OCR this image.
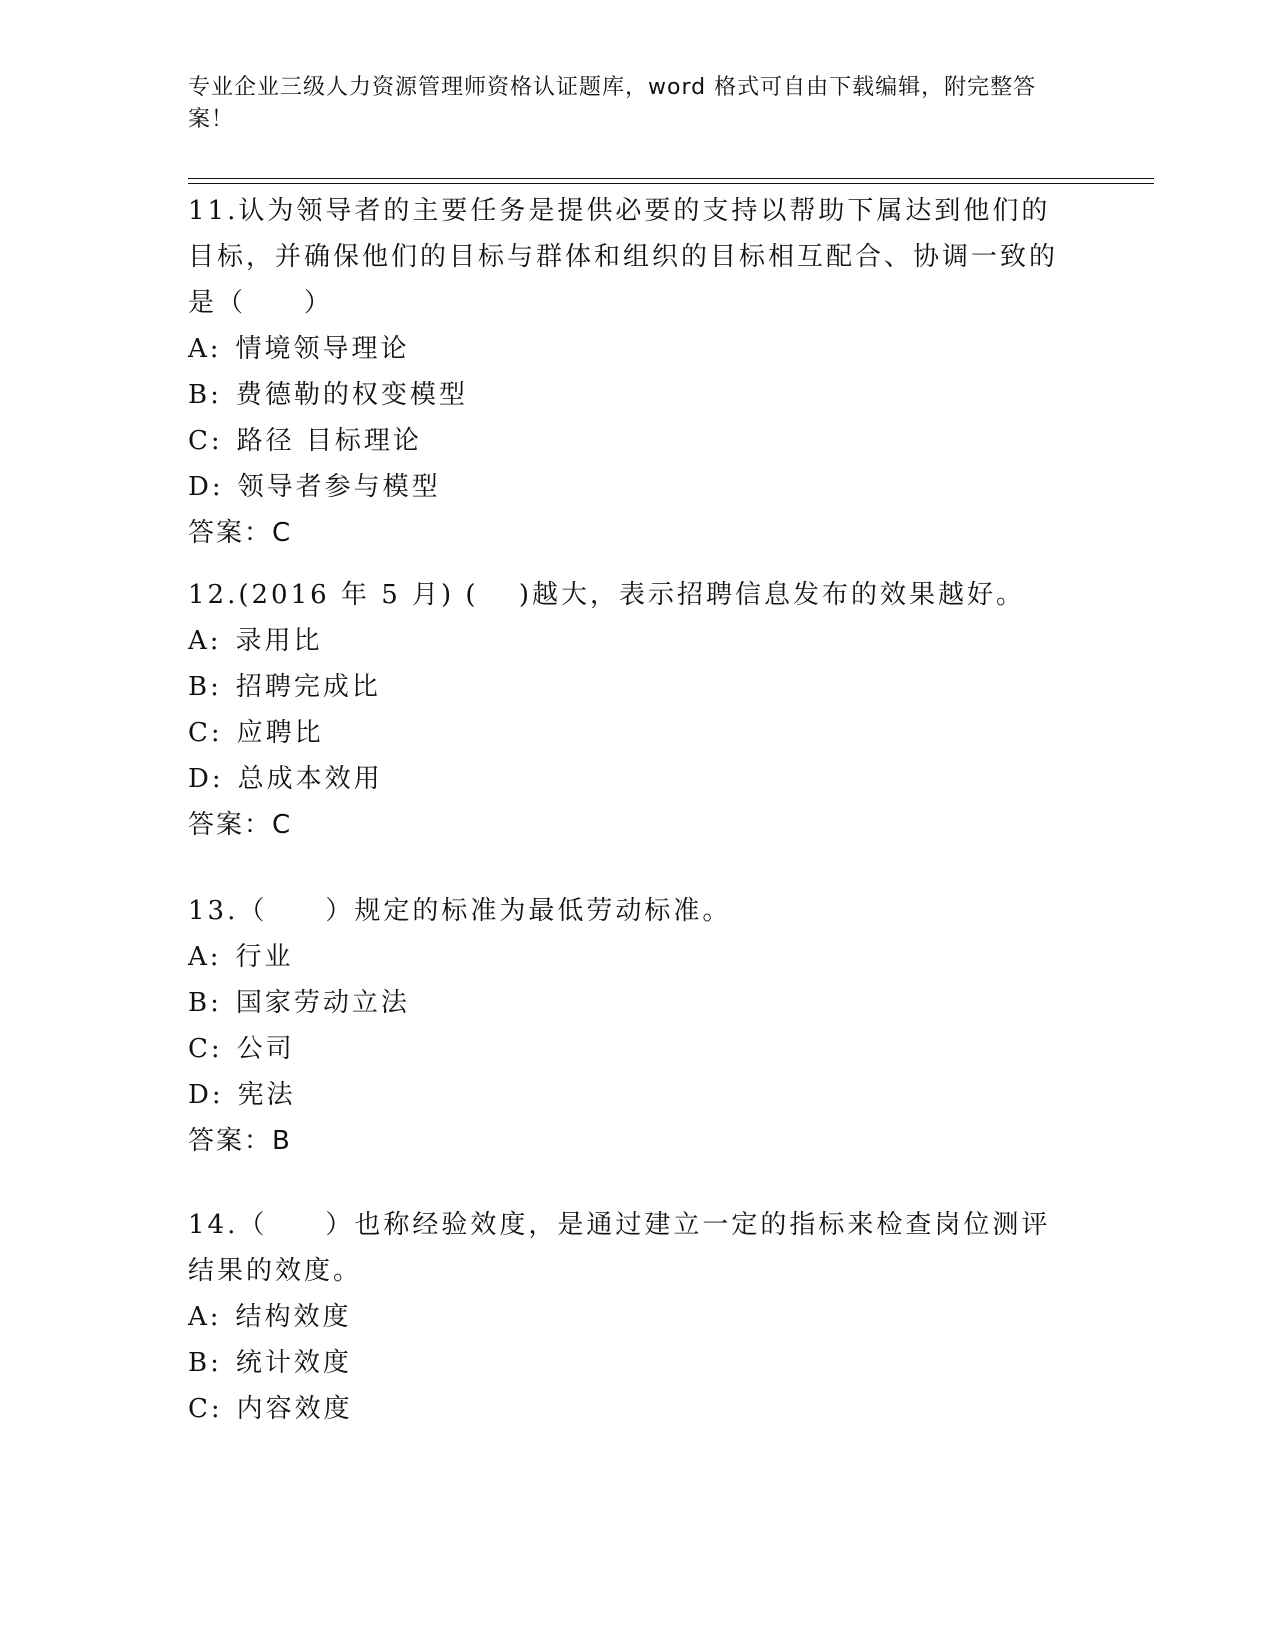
专业企业三级人力资源管理师资格认证题库，word 格式可自由下载编辑，附完整答案！
11.认为领导者的主要任务是提供必要的支持以帮助下属达到他们的目标，并确保他们的目标与群体和组织的目标相互配合、协调一致的是（　　）
A: 情境领导理论
B: 费德勒的权变模型
C: 路径 目标理论
D: 领导者参与模型
答案：C
12.(2016 年 5 月) (　 )越大，表示招聘信息发布的效果越好。
A: 录用比
B: 招聘完成比
C: 应聘比
D: 总成本效用
答案：C
13.（　　）规定的标准为最低劳动标准。
A: 行业
B: 国家劳动立法
C: 公司
D: 宪法
答案：B
14.（　　）也称经验效度，是通过建立一定的指标来检查岗位测评结果的效度。
A: 结构效度
B: 统计效度
C: 内容效度
